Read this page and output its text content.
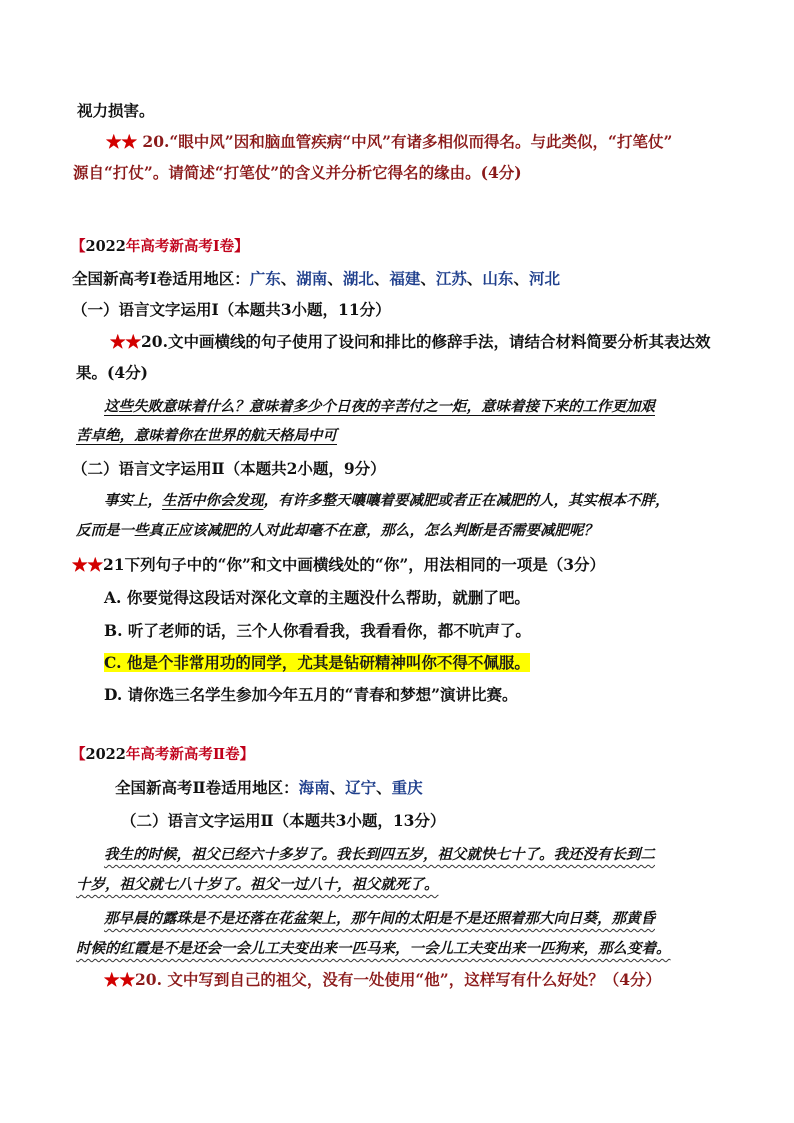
视力损害。
★★ 20.“眼中风”因和脑血管疾病“中风”有诸多相似而得名。与此类似，“打笔仗”
源自“打仗”。请简述“打笔仗”的含义并分析它得名的缘由。(4分)
【2022年高考新高考Ⅰ卷】
全国新高考Ⅰ卷适用地区：广东、湖南、湖北、福建、江苏、山东、河北
（一）语言文字运用Ⅰ（本题共3小题，11分）
★★20.文中画横线的句子使用了设问和排比的修辞手法，请结合材料简要分析其表达效
果。(4分)
这些失败意味着什么？意味着多少个日夜的辛苦付之一炬，意味着接下来的工作更加艰
苦卓绝，意味着你在世界的航天格局中可
（二）语言文字运用Ⅱ（本题共2小题，9分）
事实上，生活中你会发现，有许多整天嚷嚷着要减肥或者正在减肥的人，其实根本不胖，
反而是一些真正应该减肥的人对此却毫不在意，那么，怎么判断是否需要减肥呢？
★★21下列句子中的“你”和文中画横线处的“你”，用法相同的一项是（3分）
A. 你要觉得这段话对深化文章的主题没什么帮助，就删了吧。
B. 听了老师的话，三个人你看看我，我看看你，都不吭声了。
C. 他是个非常用功的同学，尤其是钻研精神叫你不得不佩服。
D. 请你选三名学生参加今年五月的“青春和梦想”演讲比赛。
【2022年高考新高考Ⅱ卷】
全国新高考Ⅱ卷适用地区：海南、辽宁、重庆
（二）语言文字运用Ⅱ（本题共3小题，13分）
我生的时候，祖父已经六十多岁了。我长到四五岁，祖父就快七十了。我还没有长到二
十岁，祖父就七八十岁了。祖父一过八十，祖父就死了。
那早晨的露珠是不是还落在花盆架上，那午间的太阳是不是还照着那大向日葵，那黄昏
时候的红霞是不是还会一会儿工夫变出来一匹马来，一会儿工夫变出来一匹狗来，那么变着。
★★20. 文中写到自己的祖父，没有一处使用“他”，这样写有什么好处？（4分）
